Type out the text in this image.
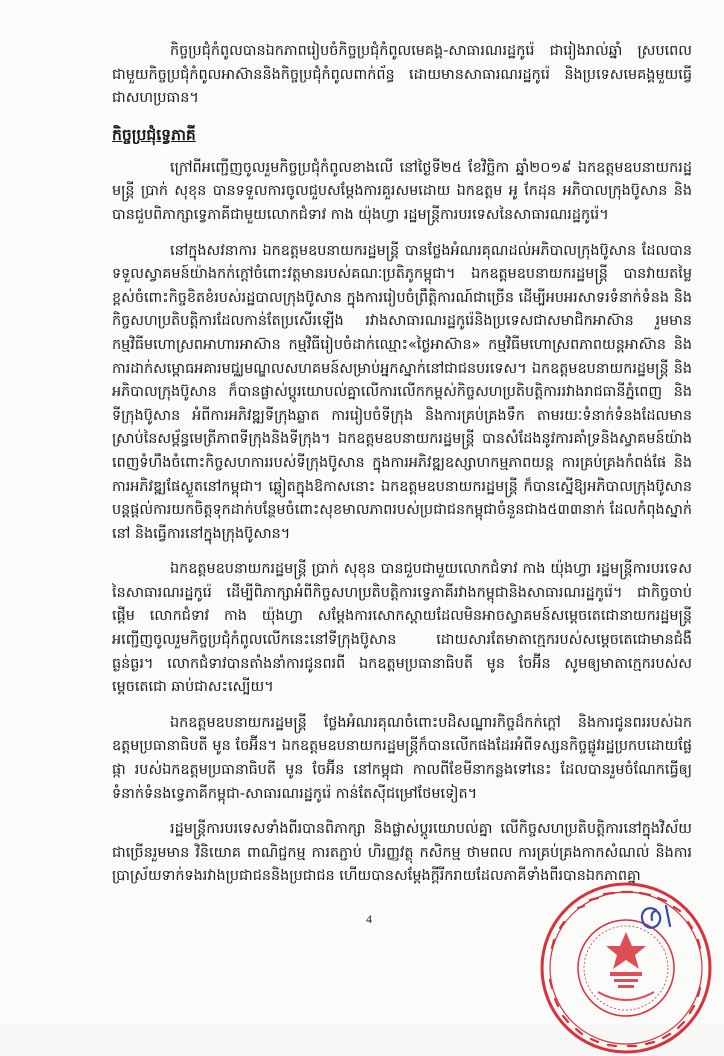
កិច្ចប្រជុំកំពូលបានឯកភាពរៀបចំកិច្ចប្រជុំកំពូលមេគង្គ-សាធារណរដ្ឋកូរ៉េ ជារៀងរាល់ឆ្នាំ ស្របពេលជាមួយកិច្ចប្រជុំកំពូលអាស៊ាននិងកិច្ចប្រជុំកំពូលពាក់ព័ន្ធ ដោយមានសាធារណរដ្ឋកូរ៉េ និងប្រទេសមេគង្គមួយធ្វើជាសហប្រធាន។

កិច្ចប្រជុំទ្វេភាគី

ក្រៅពីអញ្ជើញចូលរួមកិច្ចប្រជុំកំពូលខាងលើ នៅថ្ងៃទី២៥ ខែវិច្ឆិកា ឆ្នាំ២០១៩ ឯកឧត្តមឧបនាយករដ្ឋមន្ត្រី ប្រាក់ សុខុន បានទទួលការចូលជួបសម្តែងការគួរសមដោយ ឯកឧត្តម អូ កែដុន អភិបាលក្រុងប៊ូសាន និងបានជួបពិភាក្សាទ្វេភាគីជាមួយលោកជំទាវ កាង យ៉ុងហ្វា រដ្ឋមន្ត្រីការបរទេសនៃសាធារណរដ្ឋកូរ៉េ។

នៅក្នុងសវនាការ ឯកឧត្តមឧបនាយករដ្ឋមន្ត្រី បានថ្លែងអំណរគុណដល់អភិបាលក្រុងប៊ូសាន ដែលបានទទួលស្វាគមន៍យ៉ាងកក់ក្តៅចំពោះវត្តមានរបស់គណៈប្រតិភូកម្ពុជា។ ឯកឧត្តមឧបនាយករដ្ឋមន្ត្រី បានវាយតម្លៃខ្ពស់ចំពោះកិច្ចខិតខំរបស់រដ្ឋបាលក្រុងប៊ូសាន ក្នុងការរៀបចំព្រឹត្តិការណ៍ជាច្រើន ដើម្បីអបអរសាទរទំនាក់ទំនង និងកិច្ចសហប្រតិបត្តិការដែលកាន់តែប្រសើរឡើង រវាងសាធារណរដ្ឋកូរ៉េនិងប្រទេសជាសមាជិកអាស៊ាន រួមមាន កម្មវិធីមហោស្រពអាហារអាស៊ាន កម្មវិធីរៀបចំដាក់ឈ្មោះ«ថ្ងៃអាស៊ាន» កម្មវិធីមហោស្រពភាពយន្តអាស៊ាន និងការដាក់សម្ពោធអគារមជ្ឈមណ្ឌលសហគមន៍សម្រាប់អ្នកស្នាក់នៅជាជនបរទេស។ ឯកឧត្តមឧបនាយករដ្ឋមន្ត្រី និងអភិបាលក្រុងប៊ូសាន ក៏បានផ្លាស់ប្តូរយោបល់គ្នាលើការលើកកម្ពស់កិច្ចសហប្រតិបត្តិការរវាងរាជធានីភ្នំពេញ និងទីក្រុងប៊ូសាន អំពីការអភិវឌ្ឍទីក្រុងឆ្លាត ការរៀបចំទីក្រុង និងការគ្រប់គ្រងទឹក តាមរយៈទំនាក់ទំនងដែលមានស្រាប់នៃសម្ព័ន្ធមេត្រីភាពទីក្រុងនិងទីក្រុង។ ឯកឧត្តមឧបនាយករដ្ឋមន្ត្រី បានសំដែងនូវការគាំទ្រនិងស្វាគមន៍យ៉ាងពេញទំហឹងចំពោះកិច្ចសហការរបស់ទីក្រុងប៊ូសាន ក្នុងការអភិវឌ្ឍឧស្សាហកម្មភាពយន្ត ការគ្រប់គ្រងកំពង់ផែ និងការអភិវឌ្ឍផែស្ងួតនៅកម្ពុជា។ ឆ្លៀតក្នុងឱកាសនោះ ឯកឧត្តមឧបនាយករដ្ឋមន្ត្រី ក៏បានស្នើឱ្យអភិបាលក្រុងប៊ូសាន បន្តផ្តល់ការយកចិត្តទុកដាក់បន្ថែមចំពោះសុខមាលភាពរបស់ប្រជាជនកម្ពុជាចំនួនជាង៥៣៣នាក់ ដែលកំពុងស្នាក់នៅ និងធ្វើការនៅក្នុងក្រុងប៊ូសាន។

ឯកឧត្តមឧបនាយករដ្ឋមន្ត្រី ប្រាក់ សុខុន បានជួបជាមួយលោកជំទាវ កាង យ៉ុងហ្វា រដ្ឋមន្ត្រីការបរទេសនៃសាធារណរដ្ឋកូរ៉េ ដើម្បីពិភាក្សាអំពីកិច្ចសហប្រតិបត្តិការទ្វេភាគីរវាងកម្ពុជានិងសាធារណរដ្ឋកូរ៉េ។ ជាកិច្ចចាប់ផ្តើម លោកជំទាវ កាង យ៉ុងហ្វា សម្តែងការសោកស្តាយដែលមិនអាចស្វាគមន៍សម្តេចតេជោនាយករដ្ឋមន្ត្រី អញ្ជើញចូលរួមកិច្ចប្រជុំកំពូលលើកនេះនៅទីក្រុងប៊ូសាន ដោយសារតែមាតាក្មេករបស់សម្តេចតេជោមានជំងឺធ្ងន់ធ្ងរ។ លោកជំទាវបានតាំងនាំការជូនពរពី ឯកឧត្តមប្រធានាធិបតី មូន ចែអ៊ីន សូមឲ្យមាតាក្មេករបស់សម្តេចតេជោ ឆាប់ជាសះស្បើយ។

ឯកឧត្តមឧបនាយករដ្ឋមន្ត្រី ថ្លែងអំណរគុណចំពោះបដិសណ្ឋារកិច្ចដ៏កក់ក្តៅ និងការជូនពររបស់ឯកឧត្តមប្រធានាធិបតី មូន ចែអ៊ីន។ ឯកឧត្តមឧបនាយករដ្ឋមន្ត្រីក៏បានលើកផងដែរអំពីទស្សនកិច្ចផ្លូវរដ្ឋប្រកបដោយផ្លែផ្កា របស់ឯកឧត្តមប្រធានាធិបតី មូន ចែអ៊ីន នៅកម្ពុជា កាលពីខែមីនាកន្លងទៅនេះ ដែលបានរួមចំណែកធ្វើឲ្យទំនាក់ទំនងទ្វេភាគីកម្ពុជា-សាធារណរដ្ឋកូរ៉េ កាន់តែស៊ីជម្រៅថែមទៀត។

រដ្ឋមន្ត្រីការបរទេសទាំងពីរបានពិភាក្សា និងផ្លាស់ប្តូរយោបល់គ្នា លើកិច្ចសហប្រតិបត្តិការនៅក្នុងវិស័យជាច្រើនរួមមាន វិនិយោគ ពាណិជ្ជកម្ម ការតភ្ជាប់ ហិរញ្ញវត្ថុ កសិកម្ម ថាមពល ការគ្រប់គ្រងកាកសំណល់ និងការប្រាស្រ័យទាក់ទងរវាងប្រជាជននិងប្រជាជន ហើយបានសម្តែងក្តីរីករាយដែលភាគីទាំងពីរបានឯកភាពគ្នា

4
